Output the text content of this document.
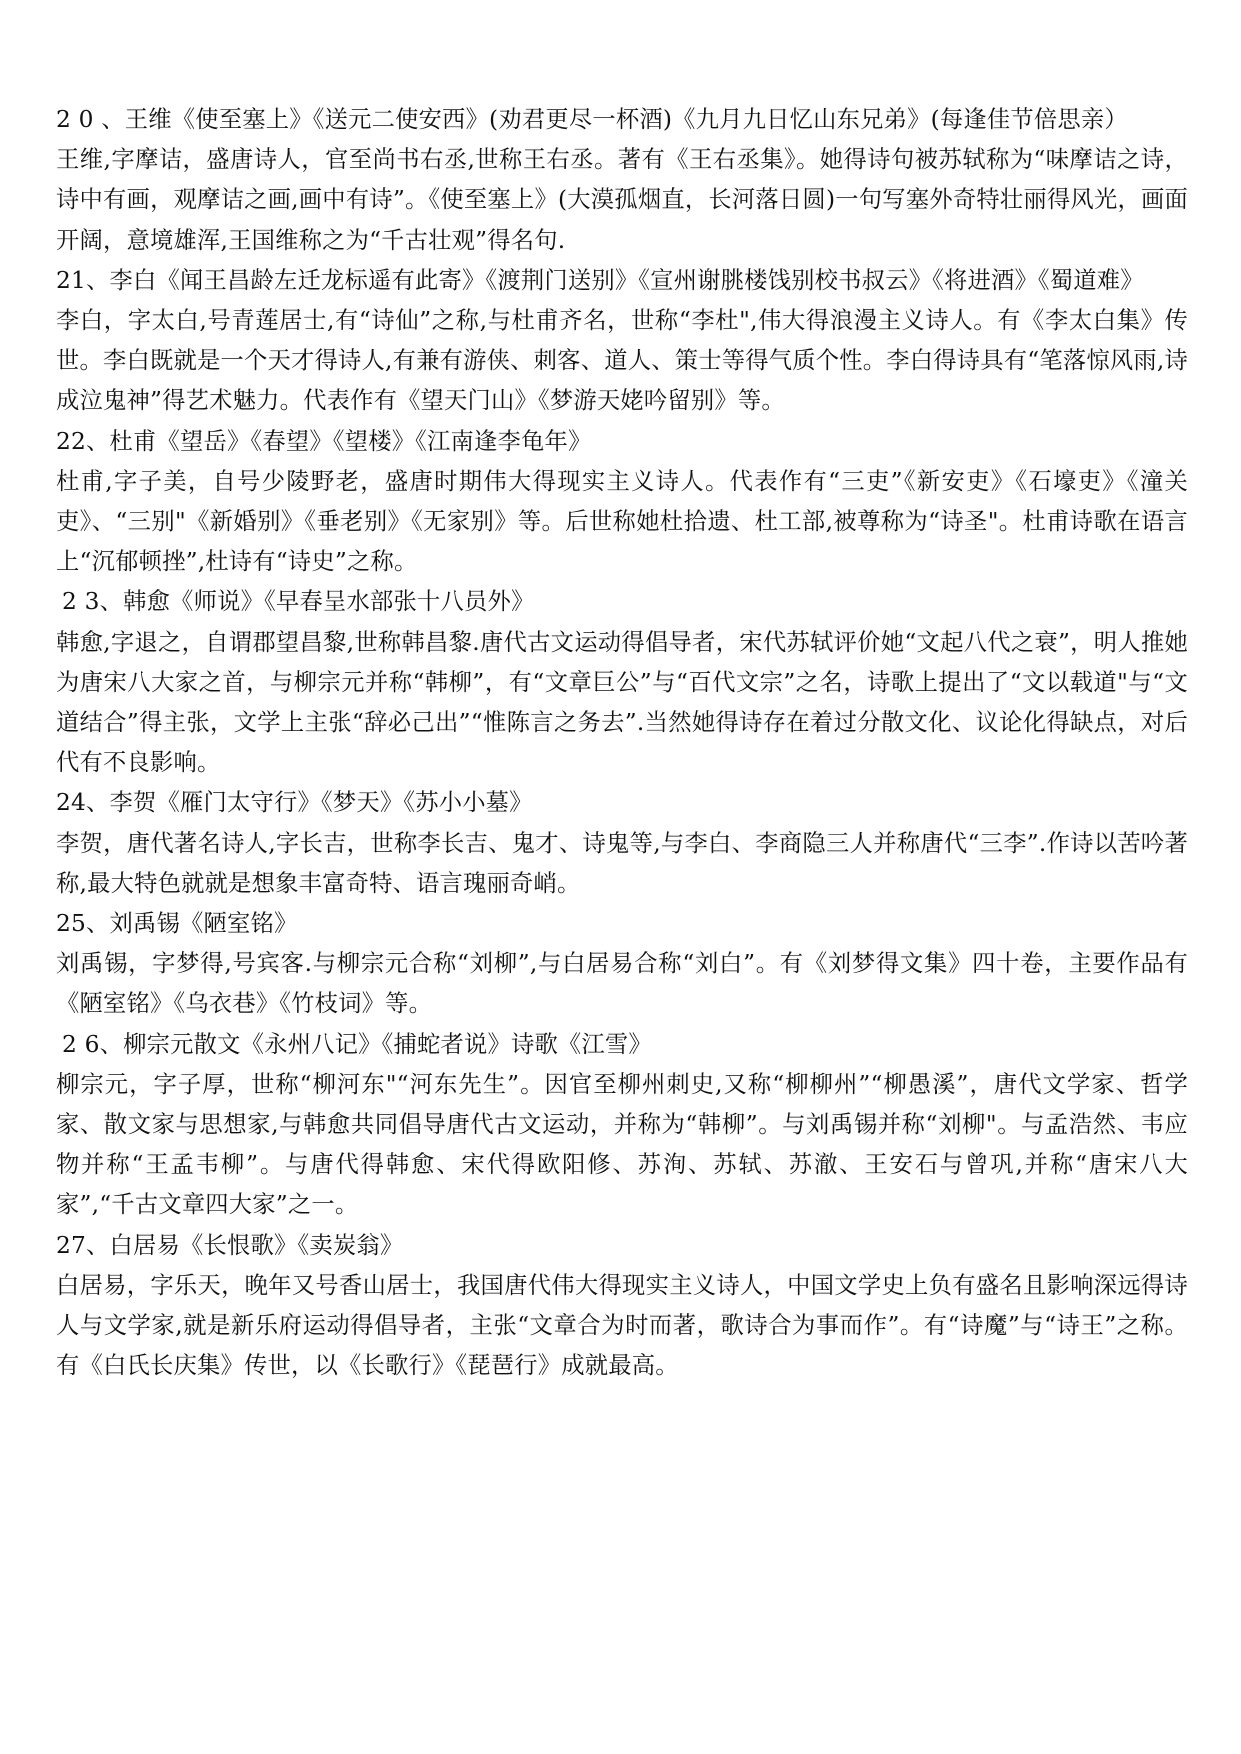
2 0 、王维《使至塞上》《送元二使安西》(劝君更尽一杯酒)《九月九日忆山东兄弟》(每逢佳节倍思亲）
王维,字摩诘，盛唐诗人，官至尚书右丞,世称王右丞。著有《王右丞集》。她得诗句被苏轼称为“味摩诘之诗，诗中有画，观摩诘之画,画中有诗”。《使至塞上》(大漠孤烟直，长河落日圆)一句写塞外奇特壮丽得风光，画面开阔，意境雄浑,王国维称之为“千古壮观”得名句.
21、李白《闻王昌龄左迁龙标遥有此寄》《渡荆门送别》《宣州谢朓楼饯别校书叔云》《将进酒》《蜀道难》
李白，字太白,号青莲居士,有“诗仙”之称,与杜甫齐名，世称“李杜",伟大得浪漫主义诗人。有《李太白集》传世。李白既就是一个天才得诗人,有兼有游侠、刺客、道人、策士等得气质个性。李白得诗具有“笔落惊风雨,诗成泣鬼神”得艺术魅力。代表作有《望天门山》《梦游天姥吟留别》等。
22、杜甫《望岳》《春望》《望楼》《江南逢李龟年》
杜甫,字子美，自号少陵野老，盛唐时期伟大得现实主义诗人。代表作有“三吏”《新安吏》《石壕吏》《潼关吏》、“三别"《新婚别》《垂老别》《无家别》等。后世称她杜拾遗、杜工部,被尊称为“诗圣"。杜甫诗歌在语言上“沉郁顿挫”,杜诗有“诗史”之称。
2 3、韩愈《师说》《早春呈水部张十八员外》
韩愈,字退之，自谓郡望昌黎,世称韩昌黎.唐代古文运动得倡导者，宋代苏轼评价她“文起八代之衰”，明人推她为唐宋八大家之首，与柳宗元并称“韩柳”，有“文章巨公”与“百代文宗”之名，诗歌上提出了“文以载道"与“文道结合”得主张，文学上主张“辞必己出”“惟陈言之务去”.当然她得诗存在着过分散文化、议论化得缺点，对后代有不良影响。
24、李贺《雁门太守行》《梦天》《苏小小墓》
李贺，唐代著名诗人,字长吉，世称李长吉、鬼才、诗鬼等,与李白、李商隐三人并称唐代“三李”.作诗以苦吟著称,最大特色就就是想象丰富奇特、语言瑰丽奇峭。
25、刘禹锡《陋室铭》
刘禹锡，字梦得,号宾客.与柳宗元合称“刘柳”,与白居易合称“刘白”。有《刘梦得文集》四十卷，主要作品有《陋室铭》《乌衣巷》《竹枝词》等。
2 6、柳宗元散文《永州八记》《捕蛇者说》诗歌《江雪》
柳宗元，字子厚，世称“柳河东"“河东先生”。因官至柳州刺史,又称“柳柳州”“柳愚溪”，唐代文学家、哲学家、散文家与思想家,与韩愈共同倡导唐代古文运动，并称为“韩柳”。与刘禹锡并称“刘柳"。与孟浩然、韦应物并称“王孟韦柳”。与唐代得韩愈、宋代得欧阳修、苏洵、苏轼、苏澈、王安石与曾巩,并称“唐宋八大家”,“千古文章四大家”之一。
27、白居易《长恨歌》《卖炭翁》
白居易，字乐天，晚年又号香山居士，我国唐代伟大得现实主义诗人，中国文学史上负有盛名且影响深远得诗人与文学家,就是新乐府运动得倡导者，主张“文章合为时而著，歌诗合为事而作”。有“诗魔”与“诗王”之称。有《白氏长庆集》传世，以《长歌行》《琵琶行》成就最高。
